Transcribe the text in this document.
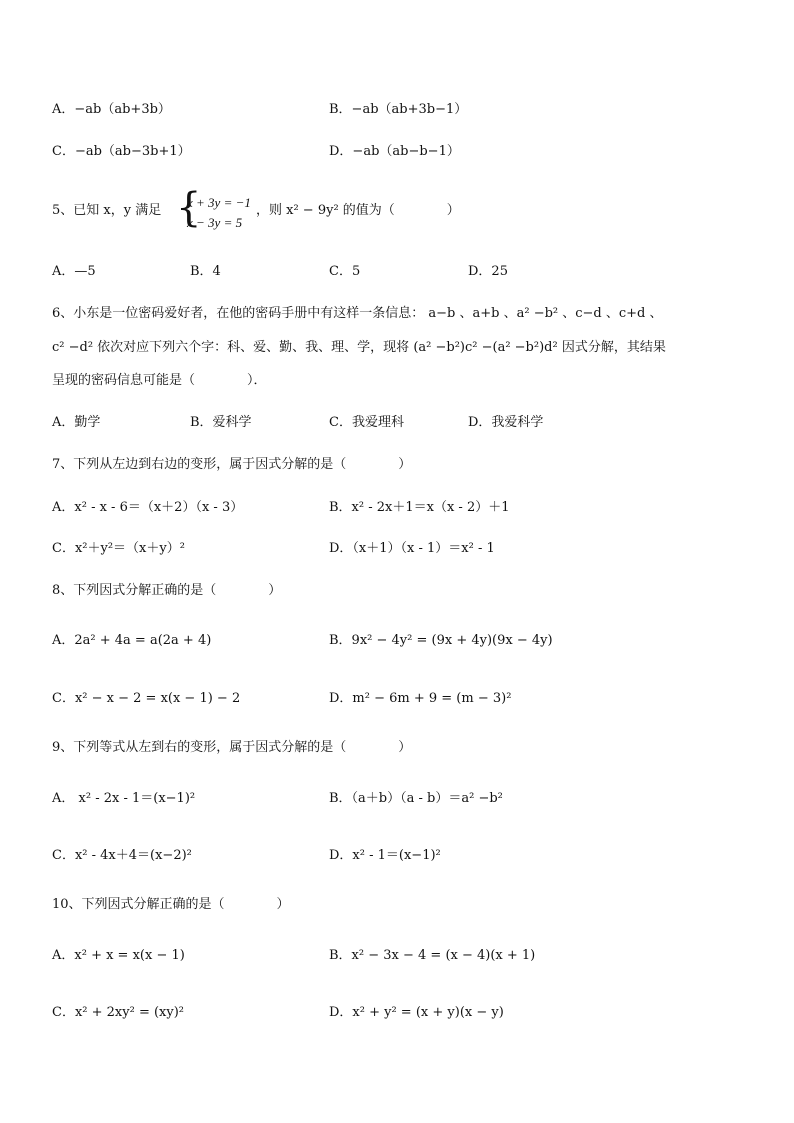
A．−ab（ab+3b）	B．−ab（ab+3b−1）
C．−ab（ab−3b+1）	D．−ab（ab−b−1）
5、已知 x，y 满足 {
x + 3y = −1
x − 3y = 5
，则 x² − 9y² 的值为（　　　　）
A．—5	B．4	C．5	D．25
6、小东是一位密码爱好者，在他的密码手册中有这样一条信息： a−b 、a+b 、a² −b² 、c−d 、c+d 、
c² −d² 依次对应下列六个字：科、爱、勤、我、理、学，现将 (a² −b²)c² −(a² −b²)d² 因式分解，其结果
呈现的密码信息可能是（　　　　）．
A．勤学	B．爱科学	C．我爱理科	D．我爱科学
7、下列从左边到右边的变形，属于因式分解的是（　　　　）
A．x² - x - 6＝（x＋2）（x - 3）	B．x² - 2x＋1＝x（x - 2）＋1
C．x²＋y²＝（x＋y）²	D．（x＋1）（x - 1）＝x² - 1
8、下列因式分解正确的是（　　　　）
A．2a² + 4a = a(2a + 4)	B．9x² − 4y² = (9x + 4y)(9x − 4y)
C．x² − x − 2 = x(x − 1) − 2	D．m² − 6m + 9 = (m − 3)²
9、下列等式从左到右的变形，属于因式分解的是（　　　　）
A． x² - 2x - 1＝(x−1)²	B．（a＋b）（a - b）＝a² −b²
C．x² - 4x＋4＝(x−2)²	D．x² - 1＝(x−1)²
10、下列因式分解正确的是（　　　　）
A．x² + x = x(x − 1)	B．x² − 3x − 4 = (x − 4)(x + 1)
C．x² + 2xy² = (xy)²	D．x² + y² = (x + y)(x − y)
